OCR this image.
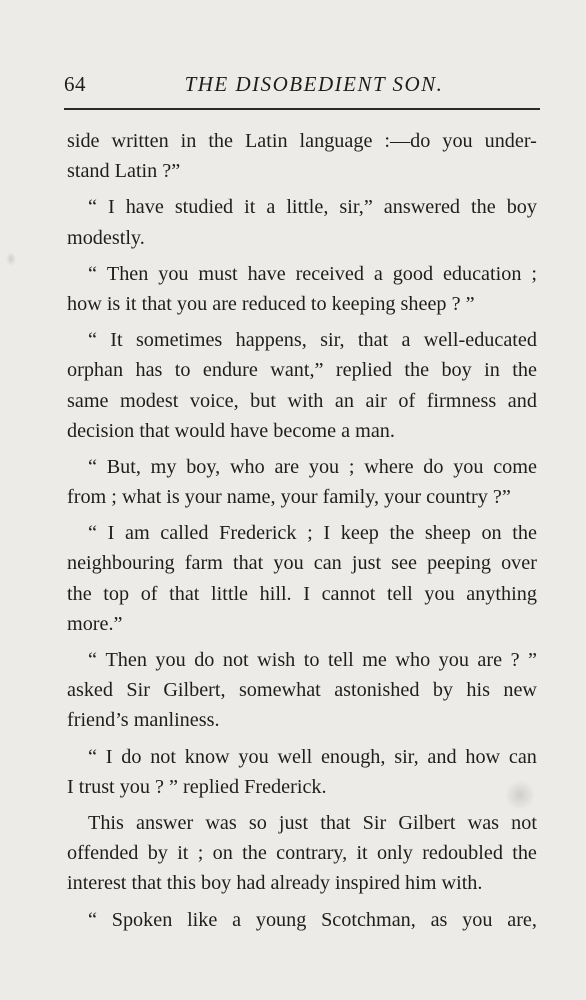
64	THE DISOBEDIENT SON.
side written in the Latin language :—do you under-
stand Latin ?”
“ I have studied it a little, sir,” answered the boy
modestly.
“ Then you must have received a good education ;
how is it that you are reduced to keeping sheep ? ”
“ It sometimes happens, sir, that a well-educated
orphan has to endure want,” replied the boy in the
same modest voice, but with an air of firmness and
decision that would have become a man.
“ But, my boy, who are you ; where do you come
from ; what is your name, your family, your country ?”
“ I am called Frederick ; I keep the sheep on the
neighbouring farm that you can just see peeping over
the top of that little hill. I cannot tell you anything
more.”
“ Then you do not wish to tell me who you are ? ”
asked Sir Gilbert, somewhat astonished by his new
friend’s manliness.
“ I do not know you well enough, sir, and how can
I trust you ? ” replied Frederick.
This answer was so just that Sir Gilbert was not
offended by it ; on the contrary, it only redoubled the
interest that this boy had already inspired him with.
“ Spoken like a young Scotchman, as you are,
